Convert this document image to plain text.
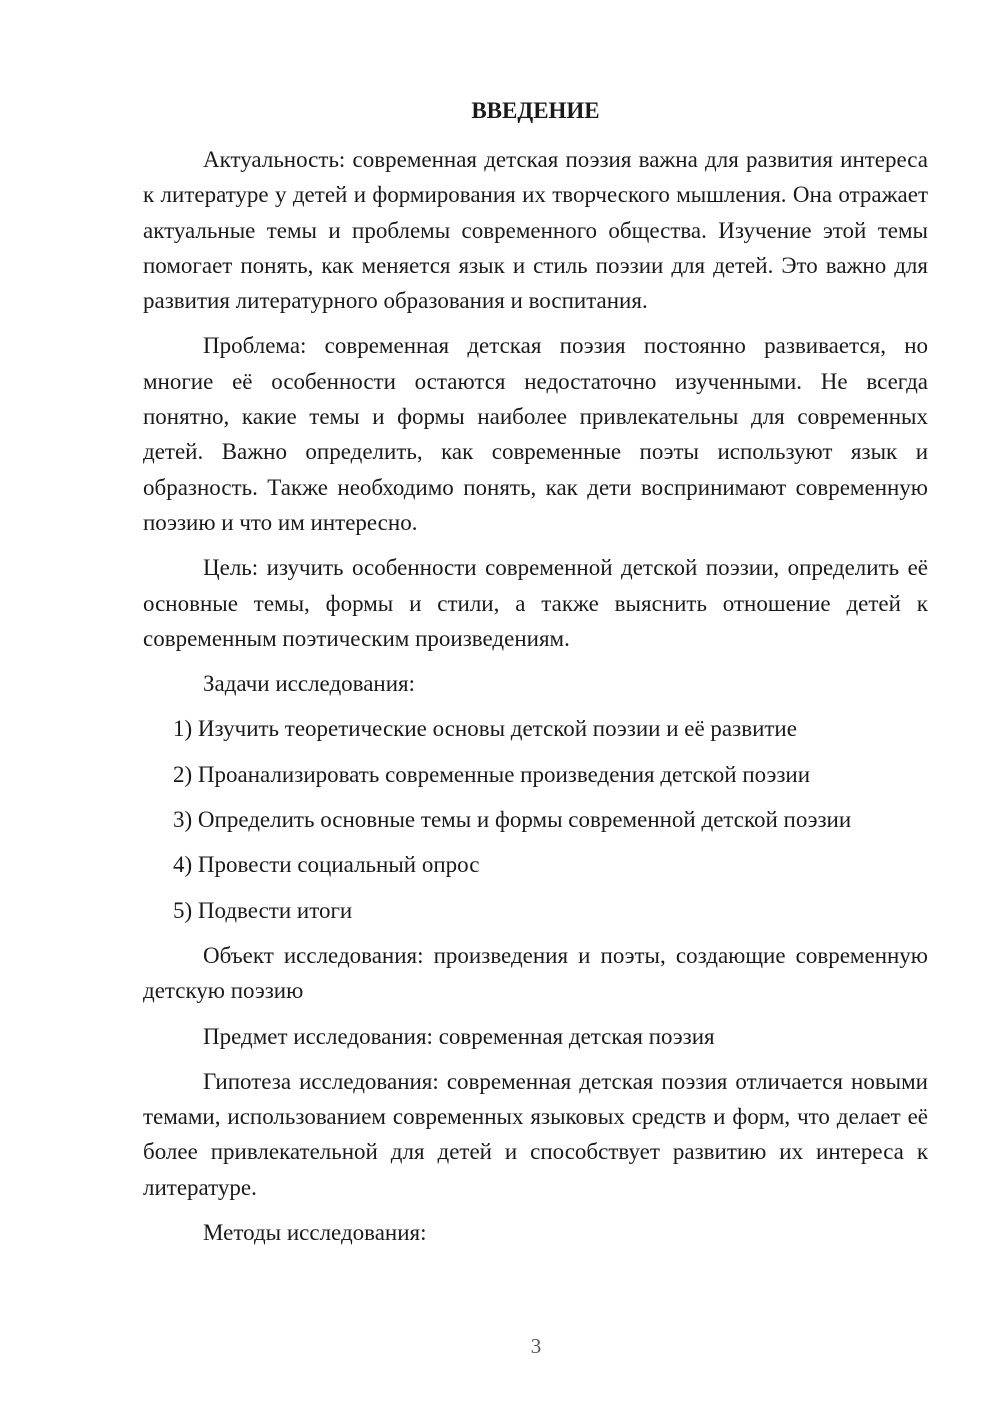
ВВЕДЕНИЕ

Актуальность: современная детская поэзия важна для развития интереса к литературе у детей и формирования их творческого мышления. Она отражает актуальные темы и проблемы современного общества. Изучение этой темы помогает понять, как меняется язык и стиль поэзии для детей. Это важно для развития литературного образования и воспитания.

Проблема: современная детская поэзия постоянно развивается, но многие её особенности остаются недостаточно изученными. Не всегда понятно, какие темы и формы наиболее привлекательны для современных детей. Важно определить, как современные поэты используют язык и образность. Также необходимо понять, как дети воспринимают современную поэзию и что им интересно.

Цель: изучить особенности современной детской поэзии, определить её основные темы, формы и стили, а также выяснить отношение детей к современным поэтическим произведениям.

Задачи исследования:

1) Изучить теоретические основы детской поэзии и её развитие

2) Проанализировать современные произведения детской поэзии

3) Определить основные темы и формы современной детской поэзии

4) Провести социальный опрос

5) Подвести итоги

Объект исследования: произведения и поэты, создающие современную детскую поэзию

Предмет исследования: современная детская поэзия

Гипотеза исследования: современная детская поэзия отличается новыми темами, использованием современных языковых средств и форм, что делает её более привлекательной для детей и способствует развитию их интереса к литературе.

Методы исследования:

3
